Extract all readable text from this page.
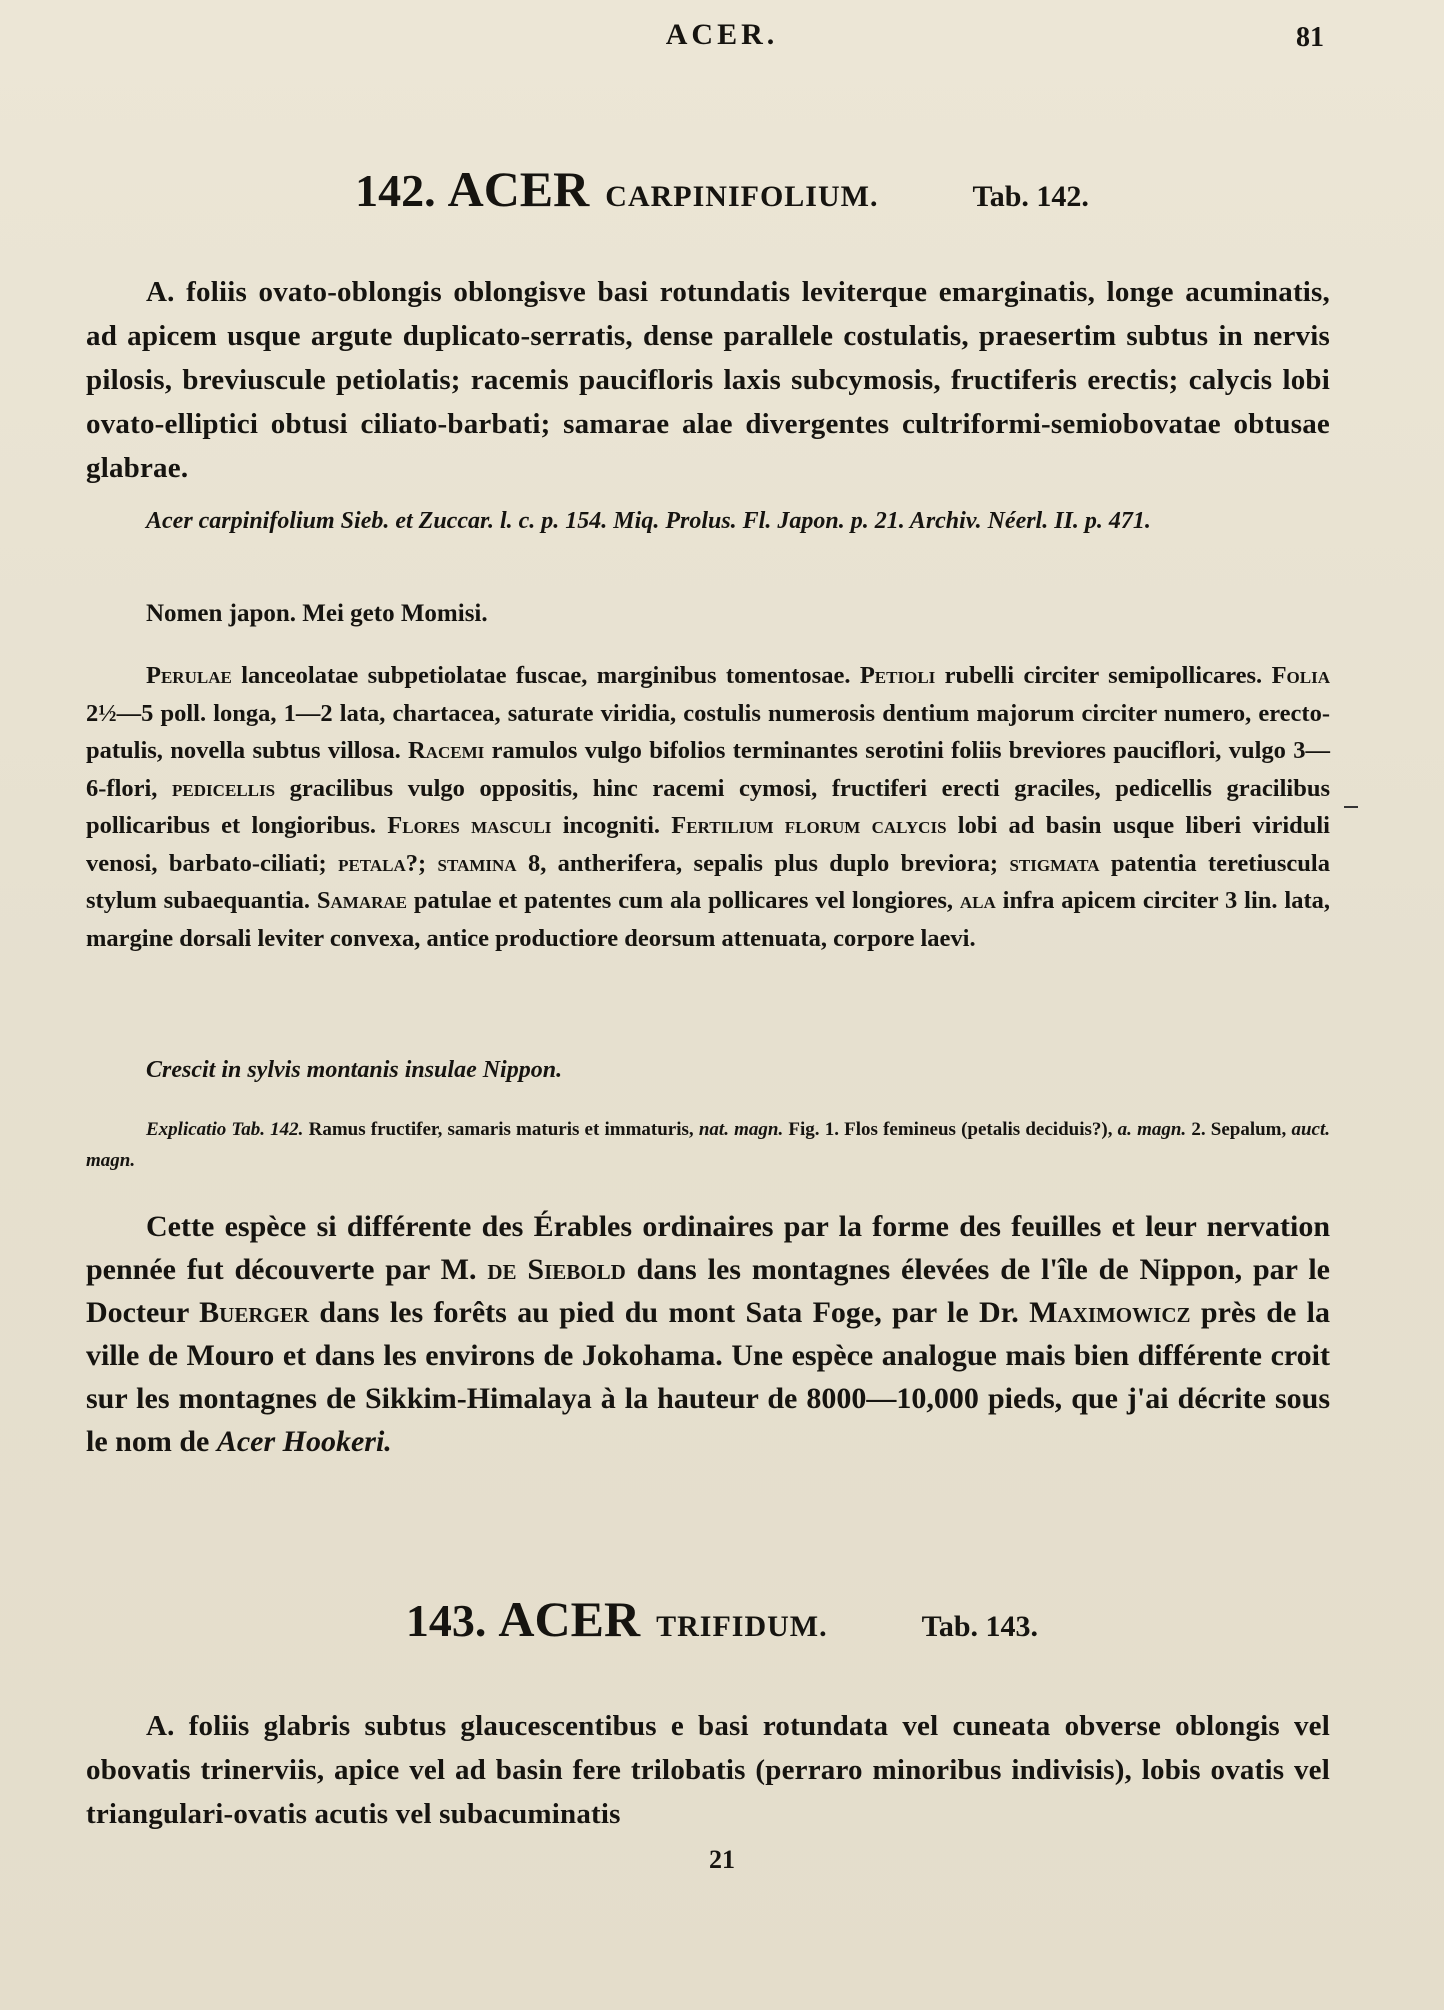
ACER.	81
142. ACER CARPINIFOLIUM.	Tab. 142.
A. foliis ovato-oblongis oblongisve basi rotundatis leviterque emarginatis, longe acuminatis, ad apicem usque argute duplicato-serratis, dense parallele costulatis, praesertim subtus in nervis pilosis, breviuscule petiolatis; racemis paucifloris laxis subcymosis, fructiferis erectis; calycis lobi ovato-elliptici obtusi ciliato-barbati; samarae alae divergentes cultriformi-semiobovatae obtusae glabrae.
Acer carpinifolium Sieb. et Zuccar. l. c. p. 154. Miq. Prolus. Fl. Japon. p. 21. Archiv. Néerl. II. p. 471.
Nomen japon. Mei geto Momisi.
Perulae lanceolatae subpetiolatae fuscae, marginibus tomentosae. Petioli rubelli circiter semipollicares. Folia 2½—5 poll. longa, 1—2 lata, chartacea, saturate viridia, costulis numerosis dentium majorum circiter numero, erecto-patulis, novella subtus villosa. Racemi ramulos vulgo bifolios terminantes serotini foliis breviores pauciflori, vulgo 3—6-flori, pedicellis gracilibus vulgo oppositis, hinc racemi cymosi, fructiferi erecti graciles, pedicellis gracilibus pollicaribus et longioribus. Flores masculi incogniti. Fertilium florum calycis lobi ad basin usque liberi viriduli venosi, barbato-ciliati; petala?; stamina 8, antherifera, sepalis plus duplo breviora; stigmata patentia teretiuscula stylum subaequantia. Samarae patulae et patentes cum ala pollicares vel longiores, ala infra apicem circiter 3 lin. lata, margine dorsali leviter convexa, antice productiore deorsum attenuata, corpore laevi.
Crescit in sylvis montanis insulae Nippon.
Explicatio Tab. 142. Ramus fructifer, samaris maturis et immaturis, nat. magn. Fig. 1. Flos femineus (petalis deciduis?), a. magn. 2. Sepalum, auct. magn.
Cette espèce si différente des Érables ordinaires par la forme des feuilles et leur nervation pennée fut découverte par M. de Siebold dans les montagnes élevées de l'île de Nippon, par le Docteur Buerger dans les forêts au pied du mont Sata Foge, par le Dr. Maximowicz près de la ville de Mouro et dans les environs de Jokohama. Une espèce analogue mais bien différente croit sur les montagnes de Sikkim-Himalaya à la hauteur de 8000—10,000 pieds, que j'ai décrite sous le nom de Acer Hookeri.
143. ACER TRIFIDUM.	Tab. 143.
A. foliis glabris subtus glaucescentibus e basi rotundata vel cuneata obverse oblongis vel obovatis trinerviis, apice vel ad basin fere trilobatis (perraro minoribus indivisis), lobis ovatis vel triangulari-ovatis acutis vel subacuminatis
21
